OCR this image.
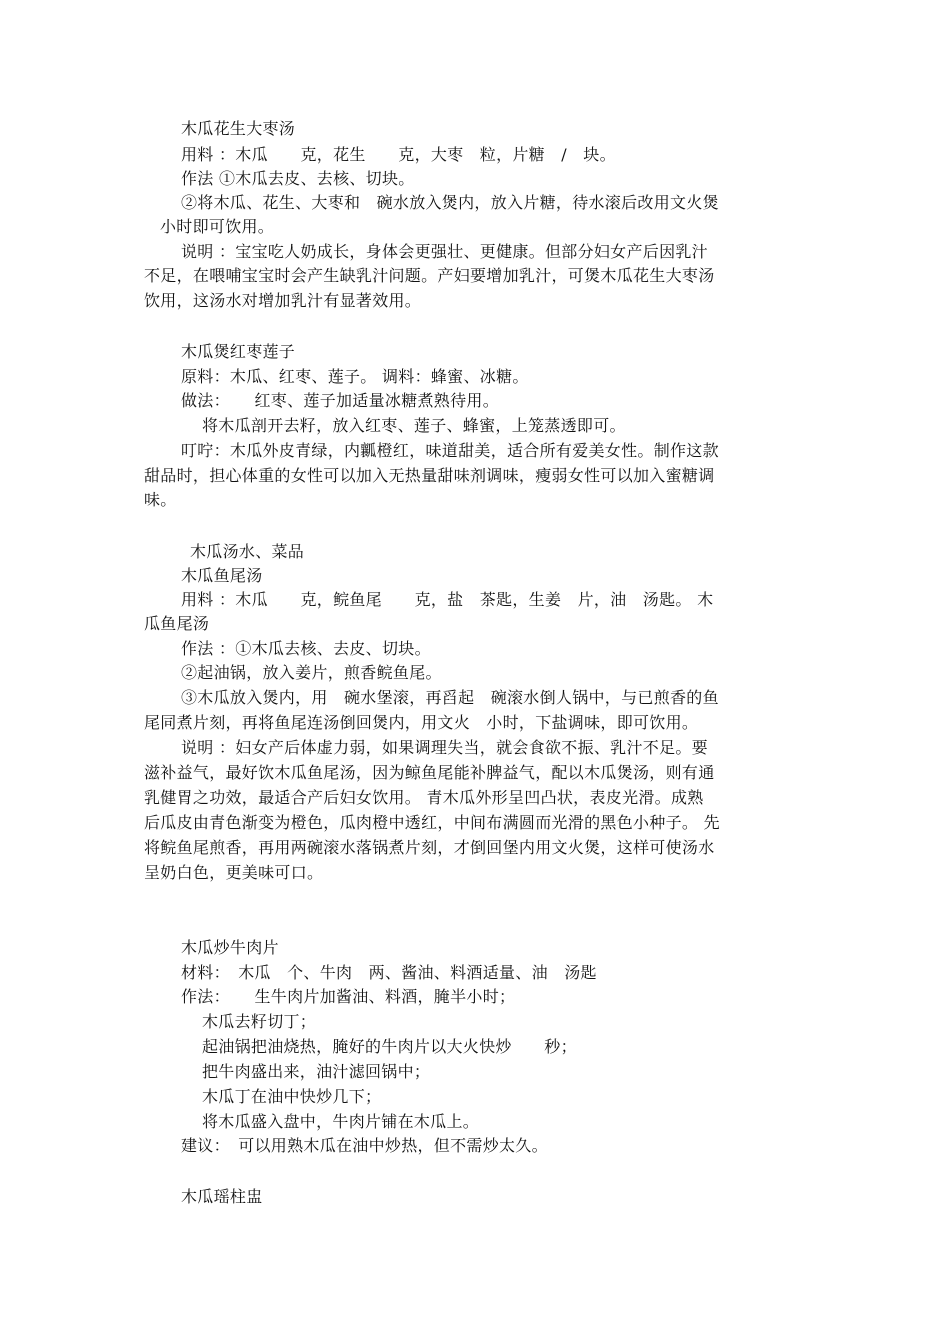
木瓜花生大枣汤
用料 ：木瓜　　克，花生　　克，大枣　粒，片糖　/　块。
作法 ①木瓜去皮、去核、切块。
②将木瓜、花生、大枣和　碗水放入煲内，放入片糖，待水滚后改用文火煲
小时即可饮用。
说明 ：宝宝吃人奶成长，身体会更强壮、更健康。但部分妇女产后因乳汁
不足，在喂哺宝宝时会产生缺乳汁问题。产妇要增加乳汁，可煲木瓜花生大枣汤
饮用，这汤水对增加乳汁有显著效用。
木瓜煲红枣莲子
原料：木瓜、红枣、莲子。 调料：蜂蜜、冰糖。
做法：　　红枣、莲子加适量冰糖煮熟待用。
将木瓜剖开去籽，放入红枣、莲子、蜂蜜，上笼蒸透即可。
叮咛：木瓜外皮青绿，内瓤橙红，味道甜美，适合所有爱美女性。制作这款
甜品时，担心体重的女性可以加入无热量甜味剂调味，瘦弱女性可以加入蜜糖调
味。
木瓜汤水、菜品
木瓜鱼尾汤
用料 ：木瓜　　克，鲩鱼尾　　克，盐　茶匙，生姜　片，油　汤匙。 木
瓜鱼尾汤
作法 ：①木瓜去核、去皮、切块。
②起油锅，放入姜片，煎香鲩鱼尾。
③木瓜放入煲内，用　碗水堡滚，再舀起　碗滚水倒人锅中，与已煎香的鱼
尾同煮片刻，再将鱼尾连汤倒回煲内，用文火　小时，下盐调味，即可饮用。
说明 ：妇女产后体虚力弱，如果调理失当，就会食欲不振、乳汁不足。要
滋补益气，最好饮木瓜鱼尾汤，因为鲸鱼尾能补脾益气，配以木瓜煲汤，则有通
乳健胃之功效，最适合产后妇女饮用。 青木瓜外形呈凹凸状，表皮光滑。成熟
后瓜皮由青色渐变为橙色，瓜肉橙中透红，中间布满圆而光滑的黑色小种子。 先
将鲩鱼尾煎香，再用两碗滚水落锅煮片刻，才倒回堡内用文火煲，这样可使汤水
呈奶白色，更美味可口。
木瓜炒牛肉片
材料：　木瓜　个、牛肉　两、酱油、料酒适量、油　汤匙
作法：　　生牛肉片加酱油、料酒，腌半小时；
木瓜去籽切丁；
起油锅把油烧热，腌好的牛肉片以大火快炒　　秒；
把牛肉盛出来，油汁滤回锅中；
木瓜丁在油中快炒几下；
将木瓜盛入盘中，牛肉片铺在木瓜上。
建议：　可以用熟木瓜在油中炒热，但不需炒太久。
木瓜瑶柱盅
